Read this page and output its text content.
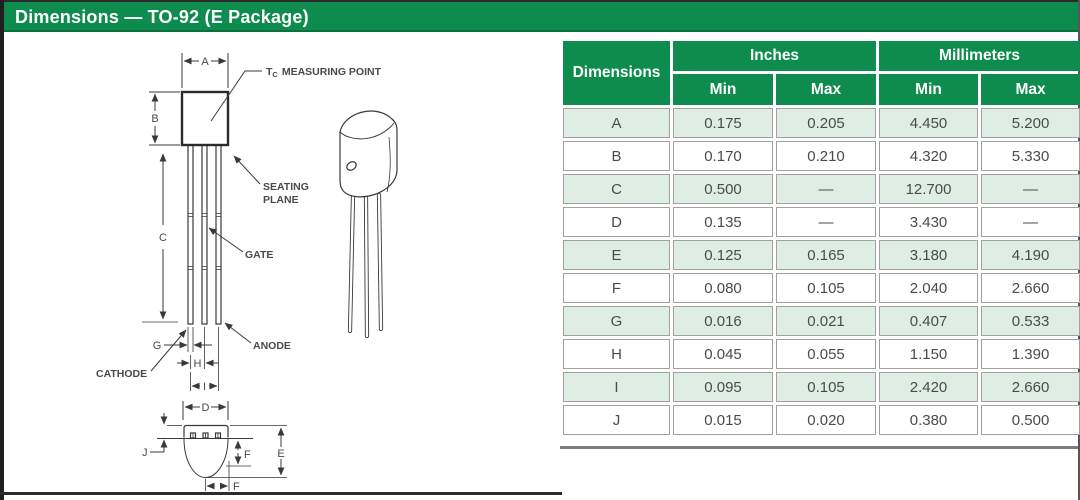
Dimensions — TO-92 (E Package)
A
TC MEASURING POINT
B
SEATING
PLANE
C
GATE
ANODE
CATHODE
G
H
I
D
J	E
F
F
Dimensions	Inches		Millimeters	
	Min	Max	Min	Max
A	0.175	0.205	4.450	5.200
B	0.170	0.210	4.320	5.330
C	0.500	—	12.700	—
D	0.135	—	3.430	—
E	0.125	0.165	3.180	4.190
F	0.080	0.105	2.040	2.660
G	0.016	0.021	0.407	0.533
H	0.045	0.055	1.150	1.390
I	0.095	0.105	2.420	2.660
J	0.015	0.020	0.380	0.500
